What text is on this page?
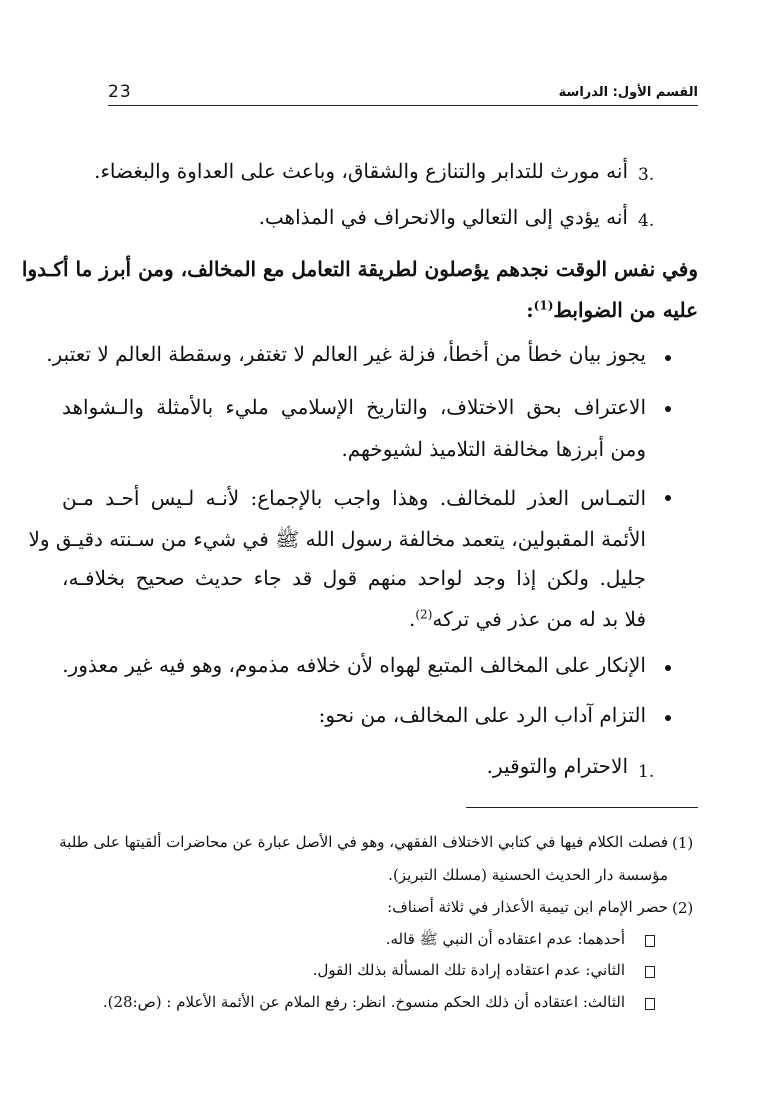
23	القسم الأول: الدراسة
3.
أنه مورث للتدابر والتنازع والشقاق، وباعث على العداوة والبغضاء.
4.
أنه يؤدي إلى التعالي والانحراف في المذاهب.
وفي نفس الوقت نجدهم يؤصلون لطريقة التعامل مع المخالف، ومن أبرز ما أكـدوا
عليه من الضوابط$^{(1)}$:
يجوز بيان خطأ من أخطأ، فزلة غير العالم لا تغتفر، وسقطة العالم لا تعتبر.
الاعتراف بحق الاختلاف، والتاريخ الإسلامي مليء بالأمثلة والـشواهد
ومن أبرزها مخالفة التلاميذ لشيوخهم.
التمـاس العذر للمخالف. وهذا واجب بالإجماع: لأنـه لـيس أحـد مـن
الأئمة المقبولين، يتعمد مخالفة رسول الله ﷺ في شيء من سـنته دقيـق ولا
جليل. ولكن إذا وجد لواحد منهم قول قد جاء حديث صحيح بخلافـه،
فلا بد له من عذر في تركه$^{(2)}$.
الإنكار على المخالف المتبع لهواه لأن خلافه مذموم، وهو فيه غير معذور.
التزام آداب الرد على المخالف، من نحو:
1.
الاحترام والتوقير.
(1)
فصلت الكلام فيها في كتابي الاختلاف الفقهي، وهو في الأصل عبارة عن محاضرات ألقيتها على طلبة
مؤسسة دار الحديث الحسنية (مسلك التبريز).
(2)
حصر الإمام ابن تيمية الأعذار في ثلاثة أصناف:
أحدهما: عدم اعتقاده أن النبي ﷺ قاله.
الثاني: عدم اعتقاده إرادة تلك المسألة بذلك القول.
الثالث: اعتقاده أن ذلك الحكم منسوخ. انظر: رفع الملام عن الأئمة الأعلام : (ص:28).
